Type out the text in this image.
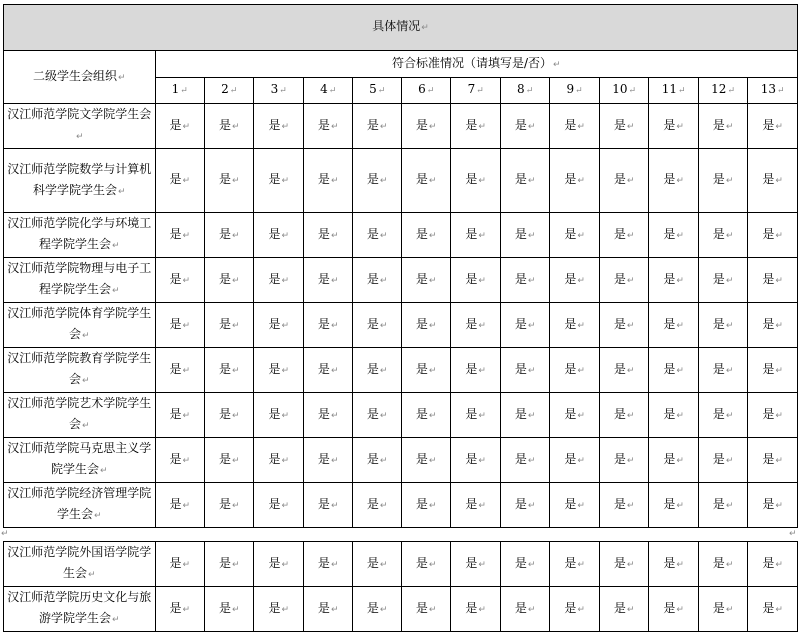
具体情况↵													
二级学生会组织↵	符合标准情况（请填写是/否）↵												
	1↵	2↵	3↵	4↵	5↵	6↵	7↵	8↵	9↵	10↵	11↵	12↵	13↵
汉江师范学院文学院学生会↵	是↵	是↵	是↵	是↵	是↵	是↵	是↵	是↵	是↵	是↵	是↵	是↵	是↵
汉江师范学院数学与计算机科学学院学生会↵	是↵	是↵	是↵	是↵	是↵	是↵	是↵	是↵	是↵	是↵	是↵	是↵	是↵
汉江师范学院化学与环境工程学院学生会↵	是↵	是↵	是↵	是↵	是↵	是↵	是↵	是↵	是↵	是↵	是↵	是↵	是↵
汉江师范学院物理与电子工程学院学生会↵	是↵	是↵	是↵	是↵	是↵	是↵	是↵	是↵	是↵	是↵	是↵	是↵	是↵
汉江师范学院体育学院学生会↵	是↵	是↵	是↵	是↵	是↵	是↵	是↵	是↵	是↵	是↵	是↵	是↵	是↵
汉江师范学院教育学院学生会↵	是↵	是↵	是↵	是↵	是↵	是↵	是↵	是↵	是↵	是↵	是↵	是↵	是↵
汉江师范学院艺术学院学生会↵	是↵	是↵	是↵	是↵	是↵	是↵	是↵	是↵	是↵	是↵	是↵	是↵	是↵
汉江师范学院马克思主义学院学生会↵	是↵	是↵	是↵	是↵	是↵	是↵	是↵	是↵	是↵	是↵	是↵	是↵	是↵
汉江师范学院经济管理学院学生会↵	是↵	是↵	是↵	是↵	是↵	是↵	是↵	是↵	是↵	是↵	是↵	是↵	是↵
汉江师范学院外国语学院学生会↵	是↵	是↵	是↵	是↵	是↵	是↵	是↵	是↵	是↵	是↵	是↵	是↵	是↵
汉江师范学院历史文化与旅游学院学生会↵	是↵	是↵	是↵	是↵	是↵	是↵	是↵	是↵	是↵	是↵	是↵	是↵	是↵
↵	↵
